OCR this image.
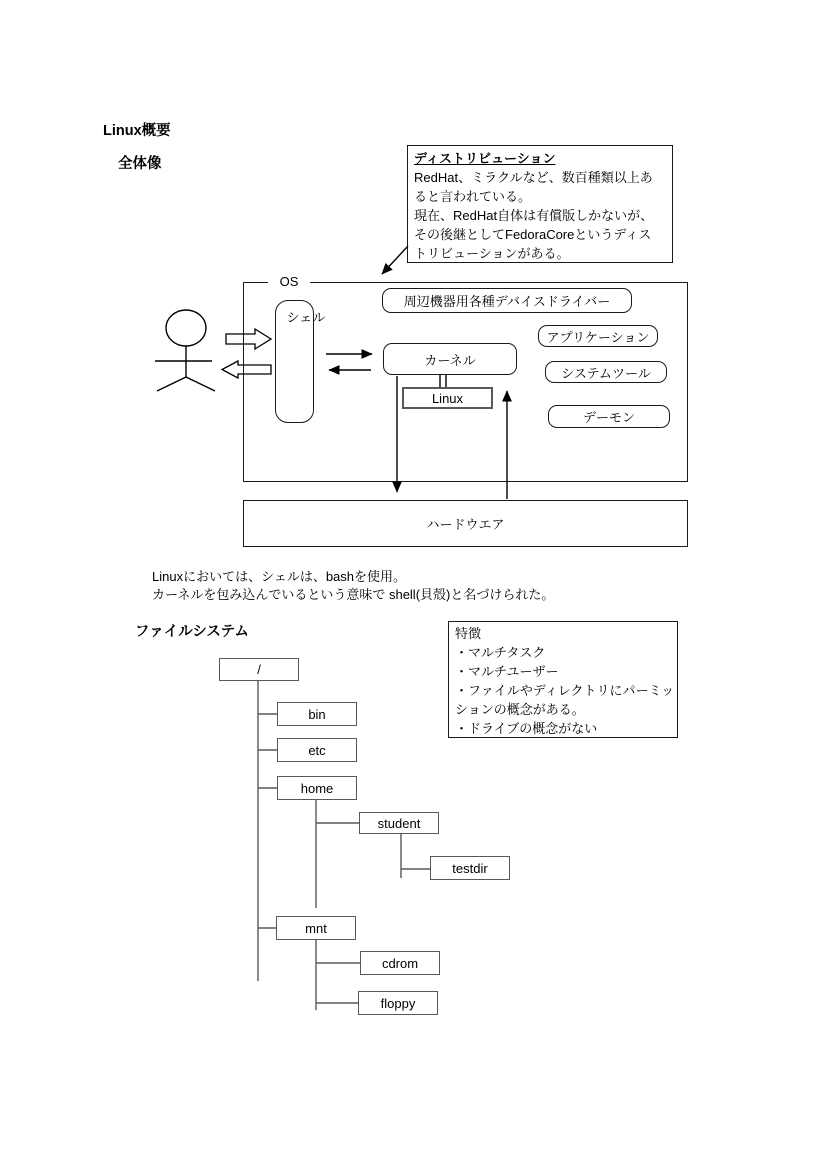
Linux概要
全体像
ファイルシステム
ディストリビューション
RedHat、ミラクルなど、数百種類以上あ
ると言われている。
現在、RedHat自体は有償版しかないが、
その後継としてFedoraCoreというディス
トリビューションがある。
OS
シェル
周辺機器用各種デバイスドライバー
アプリケーション
システムツール
デーモン
カーネル
Linux
ハードウエア
Linuxにおいては、シェルは、bashを使用。
カーネルを包み込んでいるという意味で shell(貝殻)と名づけられた。
特徴
・マルチタスク
・マルチユーザー
・ファイルやディレクトリにパーミッ
ションの概念がある。
・ドライブの概念がない
/
bin
etc
home
student
testdir
mnt
cdrom
floppy
